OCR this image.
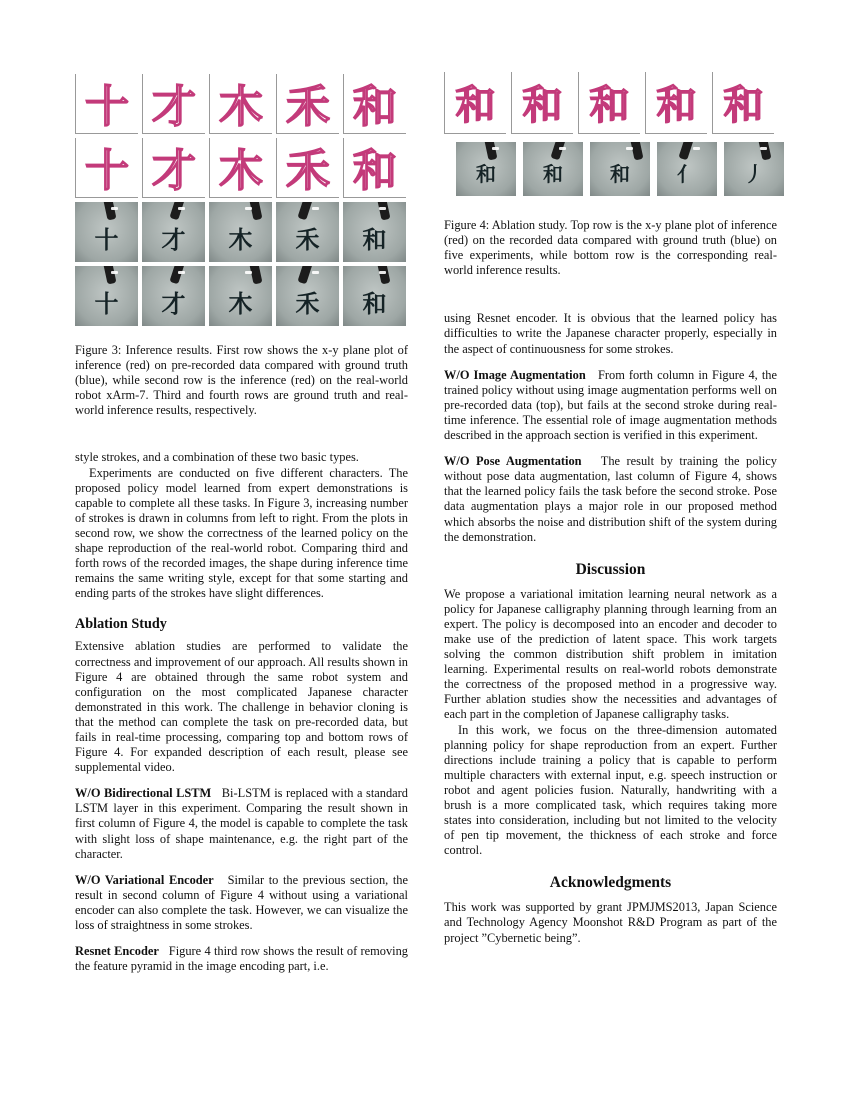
十 才 木 禾 和
十 才 木 禾 和
十	才	木	禾	和
十	才	木	禾	和

Figure 3: Inference results. First row shows the x-y plane plot of inference (red) on pre-recorded data compared with ground truth (blue), while second row is the inference (red) on the real-world robot xArm-7. Third and fourth rows are ground truth and real-world inference results, respectively.

style strokes, and a combination of these two basic types.

Experiments are conducted on five different characters. The proposed policy model learned from expert demonstrations is capable to complete all these tasks. In Figure 3, increasing number of strokes is drawn in columns from left to right. From the plots in second row, we show the correctness of the learned policy on the shape reproduction of the real-world robot. Comparing third and forth rows of the recorded images, the shape during inference time remains the same writing style, except for that some starting and ending parts of the strokes have slight differences.

Ablation Study

Extensive ablation studies are performed to validate the correctness and improvement of our approach. All results shown in Figure 4 are obtained through the same robot system and configuration on the most complicated Japanese character demonstrated in this work. The challenge in behavior cloning is that the method can complete the task on pre-recorded data, but fails in real-time processing, comparing top and bottom rows of Figure 4. For expanded description of each result, please see supplemental video.

W/O Bidirectional LSTM Bi-LSTM is replaced with a standard LSTM layer in this experiment. Comparing the result shown in first column of Figure 4, the model is capable to complete the task with slight loss of shape maintenance, e.g. the right part of the character.

W/O Variational Encoder Similar to the previous section, the result in second column of Figure 4 without using a variational encoder can also complete the task. However, we can visualize the loss of straightness in some strokes.

Resnet Encoder Figure 4 third row shows the result of removing the feature pyramid in the image encoding part, i.e.

和 和 和 和 和
和	和	和	亻	丿

Figure 4: Ablation study. Top row is the x-y plane plot of inference (red) on the recorded data compared with ground truth (blue) on five experiments, while bottom row is the corresponding real-world inference results.

using Resnet encoder. It is obvious that the learned policy has difficulties to write the Japanese character properly, especially in the aspect of continuousness for some strokes.

W/O Image Augmentation From forth column in Figure 4, the trained policy without using image augmentation performs well on pre-recorded data (top), but fails at the second stroke during real-time inference. The essential role of image augmentation methods described in the approach section is verified in this experiment.

W/O Pose Augmentation The result by training the policy without pose data augmentation, last column of Figure 4, shows that the learned policy fails the task before the second stroke. Pose data augmentation plays a major role in our proposed method which absorbs the noise and distribution shift of the system during the demonstration.

Discussion

We propose a variational imitation learning neural network as a policy for Japanese calligraphy planning through learning from an expert. The policy is decomposed into an encoder and decoder to make use of the prediction of latent space. This work targets solving the common distribution shift problem in imitation learning. Experimental results on real-world robots demonstrate the correctness of the proposed method in a progressive way. Further ablation studies show the necessities and advantages of each part in the completion of Japanese calligraphy tasks.

In this work, we focus on the three-dimension automated planning policy for shape reproduction from an expert. Further directions include training a policy that is capable to perform multiple characters with external input, e.g. speech instruction or robot and agent policies fusion. Naturally, handwriting with a brush is a more complicated task, which requires taking more states into consideration, including but not limited to the velocity of pen tip movement, the thickness of each stroke and force control.

Acknowledgments

This work was supported by grant JPMJMS2013, Japan Science and Technology Agency Moonshot R&D Program as part of the project ”Cybernetic being”.
